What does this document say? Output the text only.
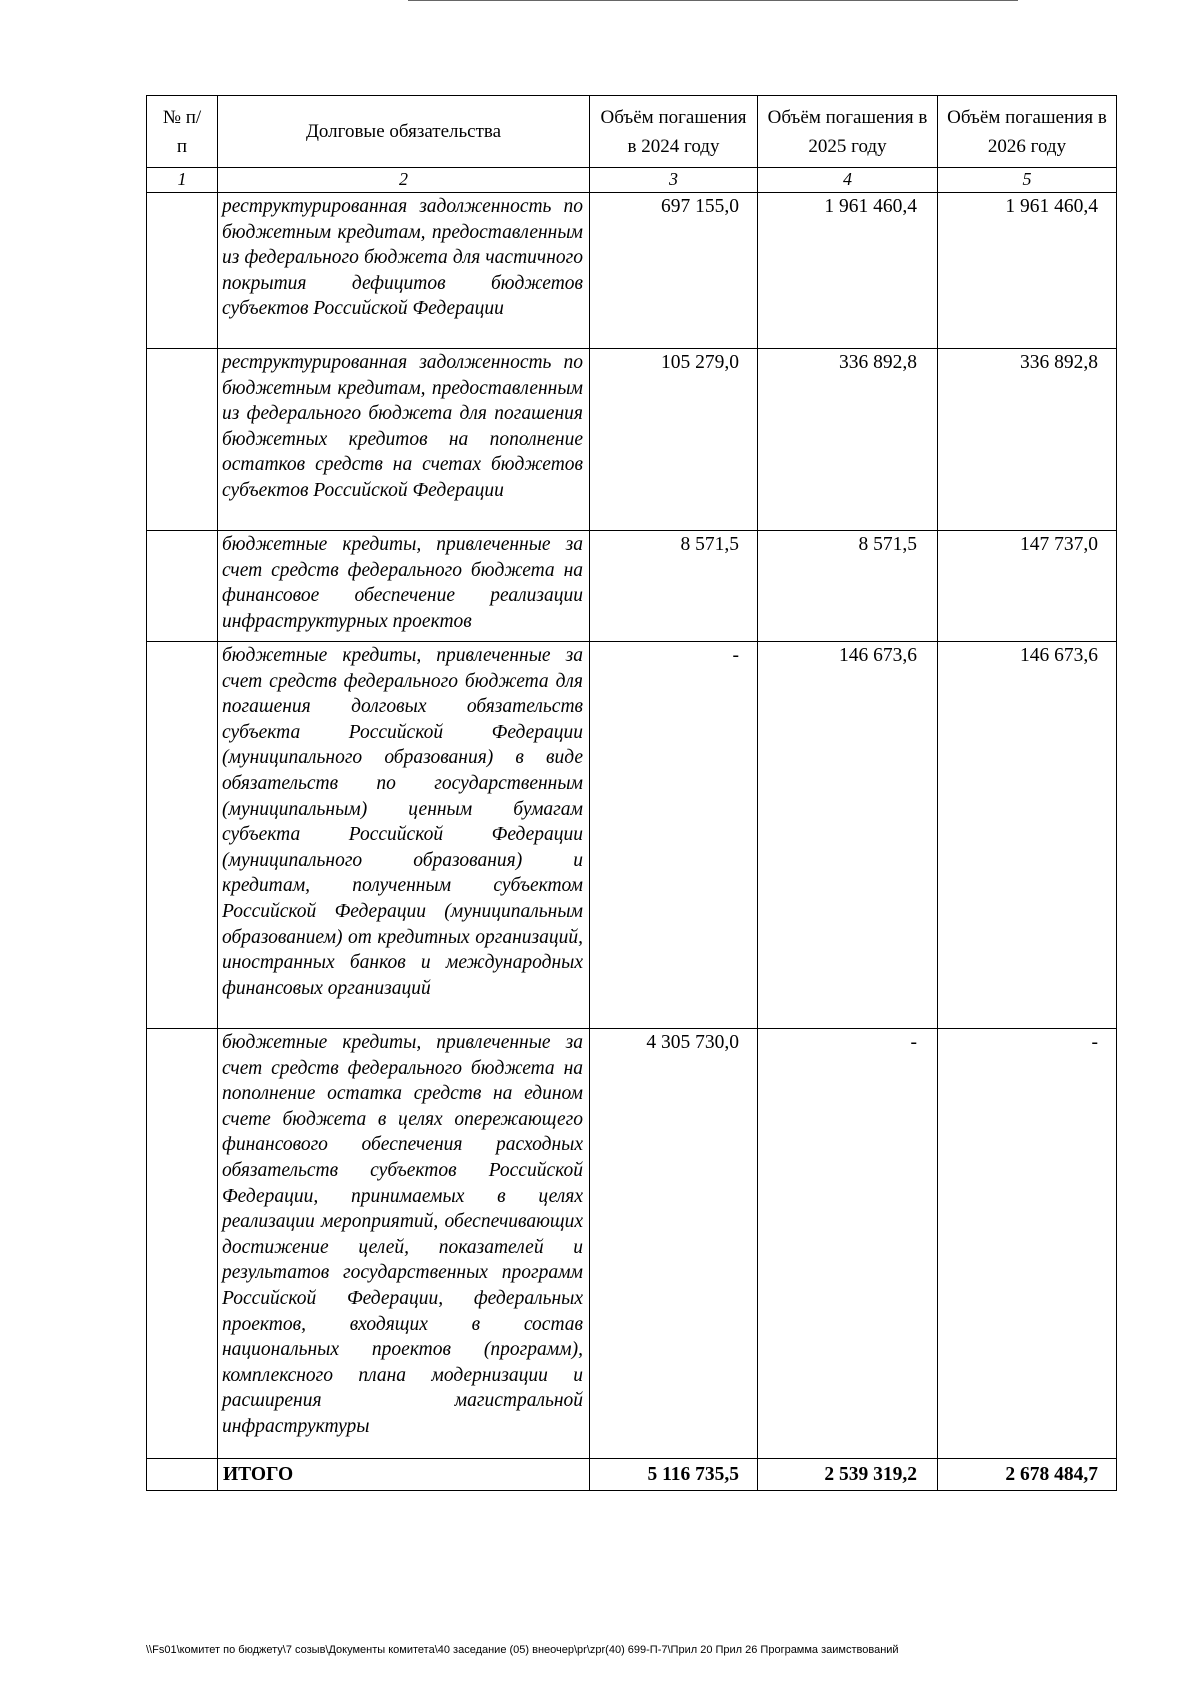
№ п/п	Долговые обязательства	Объём погашения в 2024 году	Объём погашения в 2025 году	Объём погашения в 2026 году
1	2	3	4	5
	реструктурированная задолженность по бюджетным кредитам, предоставленным из федерального бюджета для частичного покрытия дефицитов бюджетов субъектов Российской Федерации	697 155,0	1 961 460,4	1 961 460,4
	реструктурированная задолженность по бюджетным кредитам, предоставленным из федерального бюджета для погашения бюджетных кредитов на пополнение остатков средств на счетах бюджетов субъектов Российской Федерации	105 279,0	336 892,8	336 892,8
	бюджетные кредиты, привлеченные за счет средств федерального бюджета на финансовое обеспечение реализации инфраструктурных проектов	8 571,5	8 571,5	147 737,0
	бюджетные кредиты, привлеченные за счет средств федерального бюджета для погашения долговых обязательств субъекта Российской Федерации (муниципального образования) в виде обязательств по государственным (муниципальным) ценным бумагам субъекта Российской Федерации (муниципального образования) и кредитам, полученным субъектом Российской Федерации (муниципальным образованием) от кредитных организаций, иностранных банков и международных финансовых организаций	-	146 673,6	146 673,6
	бюджетные кредиты, привлеченные за счет средств федерального бюджета на пополнение остатка средств на едином счете бюджета в целях опережающего финансового обеспечения расходных обязательств субъектов Российской Федерации, принимаемых в целях реализации мероприятий, обеспечивающих достижение целей, показателей и результатов государственных программ Российской Федерации, федеральных проектов, входящих в состав национальных проектов (программ), комплексного плана модернизации и расширения магистральной инфраструктуры	4 305 730,0	-	-
	ИТОГО	5 116 735,5	2 539 319,2	2 678 484,7
\\Fs01\комитет по бюджету\7 созыв\Документы комитета\40 заседание (05) внеочер\pr\zpr(40) 699-П-7\Прил 20 Прил 26 Программа заимствований
